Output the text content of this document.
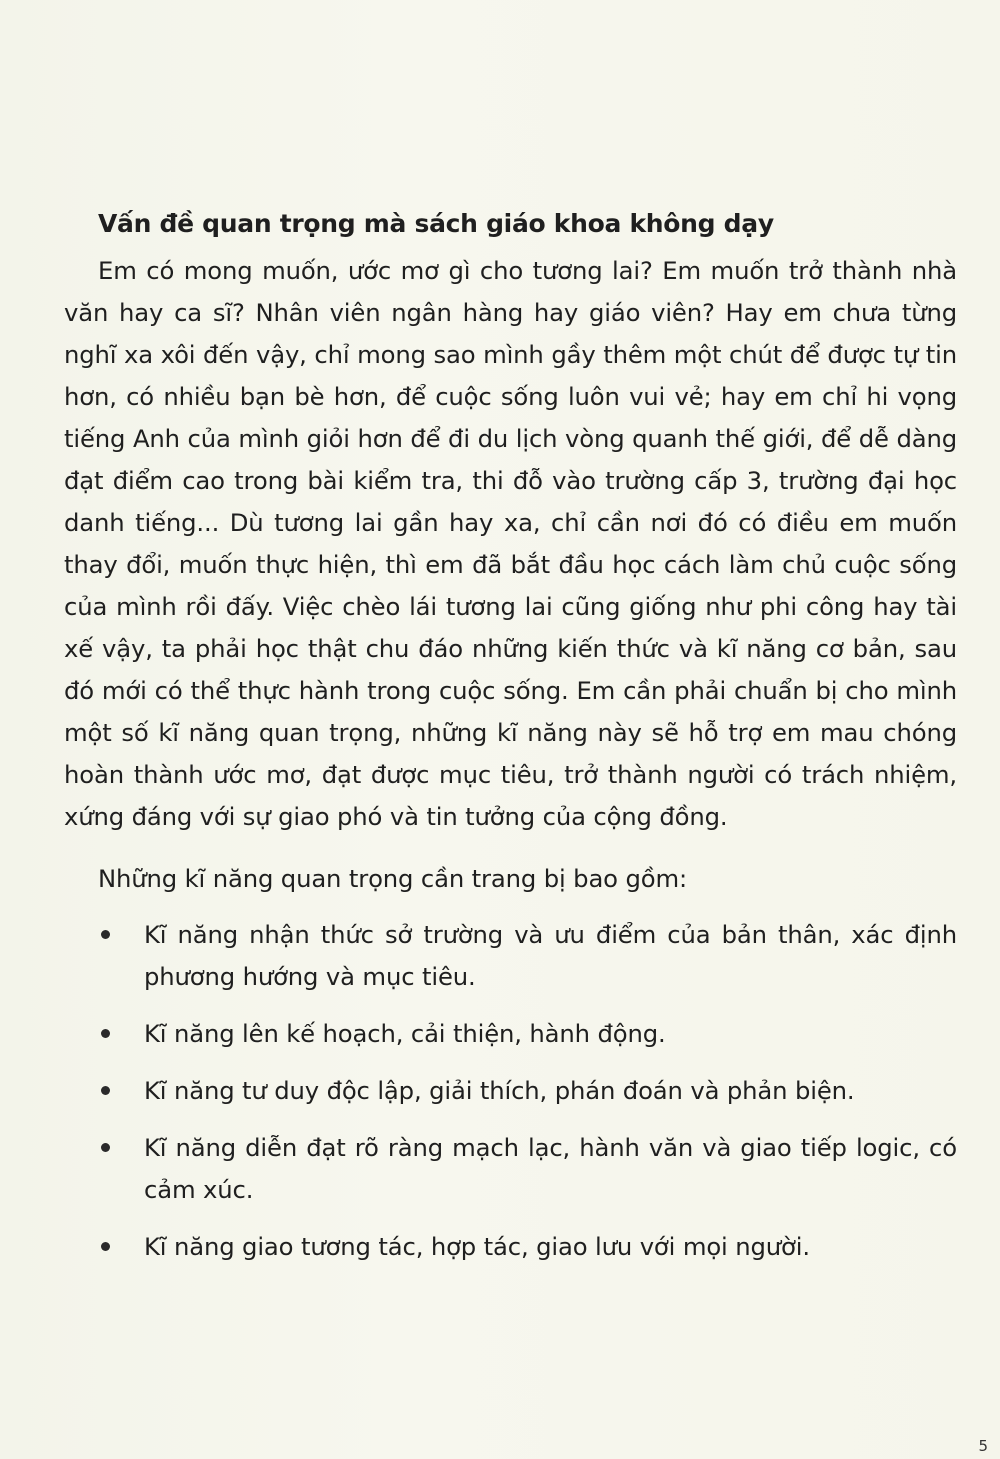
Vấn đề quan trọng mà sách giáo khoa không dạy

Em có mong muốn, ước mơ gì cho tương lai? Em muốn trở thành nhà văn hay ca sĩ? Nhân viên ngân hàng hay giáo viên? Hay em chưa từng nghĩ xa xôi đến vậy, chỉ mong sao mình gầy thêm một chút để được tự tin hơn, có nhiều bạn bè hơn, để cuộc sống luôn vui vẻ; hay em chỉ hi vọng tiếng Anh của mình giỏi hơn để đi du lịch vòng quanh thế giới, để dễ dàng đạt điểm cao trong bài kiểm tra, thi đỗ vào trường cấp 3, trường đại học danh tiếng... Dù tương lai gần hay xa, chỉ cần nơi đó có điều em muốn thay đổi, muốn thực hiện, thì em đã bắt đầu học cách làm chủ cuộc sống của mình rồi đấy. Việc chèo lái tương lai cũng giống như phi công hay tài xế vậy, ta phải học thật chu đáo những kiến thức và kĩ năng cơ bản, sau đó mới có thể thực hành trong cuộc sống. Em cần phải chuẩn bị cho mình một số kĩ năng quan trọng, những kĩ năng này sẽ hỗ trợ em mau chóng hoàn thành ước mơ, đạt được mục tiêu, trở thành người có trách nhiệm, xứng đáng với sự giao phó và tin tưởng của cộng đồng.

Những kĩ năng quan trọng cần trang bị bao gồm:

Kĩ năng nhận thức sở trường và ưu điểm của bản thân, xác định phương hướng và mục tiêu.
Kĩ năng lên kế hoạch, cải thiện, hành động.
Kĩ năng tư duy độc lập, giải thích, phán đoán và phản biện.
Kĩ năng diễn đạt rõ ràng mạch lạc, hành văn và giao tiếp logic, có cảm xúc.
Kĩ năng giao tương tác, hợp tác, giao lưu với mọi người.
5
